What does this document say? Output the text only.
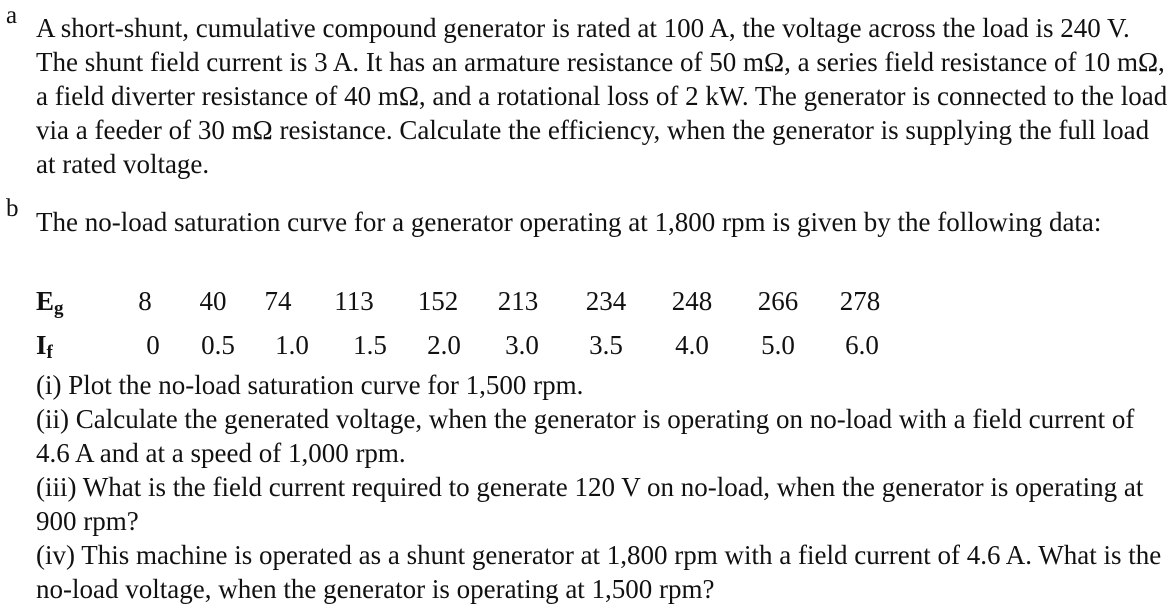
a A short-shunt, cumulative compound generator is rated at 100 A, the voltage across the load is 240 V. The shunt field current is 3 A. It has an armature resistance of 50 mΩ, a series field resistance of 10 mΩ, a field diverter resistance of 40 mΩ, and a rotational loss of 2 kW. The generator is connected to the load via a feeder of 30 mΩ resistance. Calculate the efficiency, when the generator is supplying the full load at rated voltage.
b The no-load saturation curve for a generator operating at 1,800 rpm is given by the following data:
$E_g$	8 40 74 113 152 213 234 248 266 278
$I_f$	0 0.5 1.0 1.5 2.0 3.0 3.5 4.0 5.0 6.0
(i) Plot the no-load saturation curve for 1,500 rpm.
(ii) Calculate the generated voltage, when the generator is operating on no-load with a field current of 4.6 A and at a speed of 1,000 rpm.
(iii) What is the field current required to generate 120 V on no-load, when the generator is operating at 900 rpm?
(iv) This machine is operated as a shunt generator at 1,800 rpm with a field current of 4.6 A. What is the no-load voltage, when the generator is operating at 1,500 rpm?
